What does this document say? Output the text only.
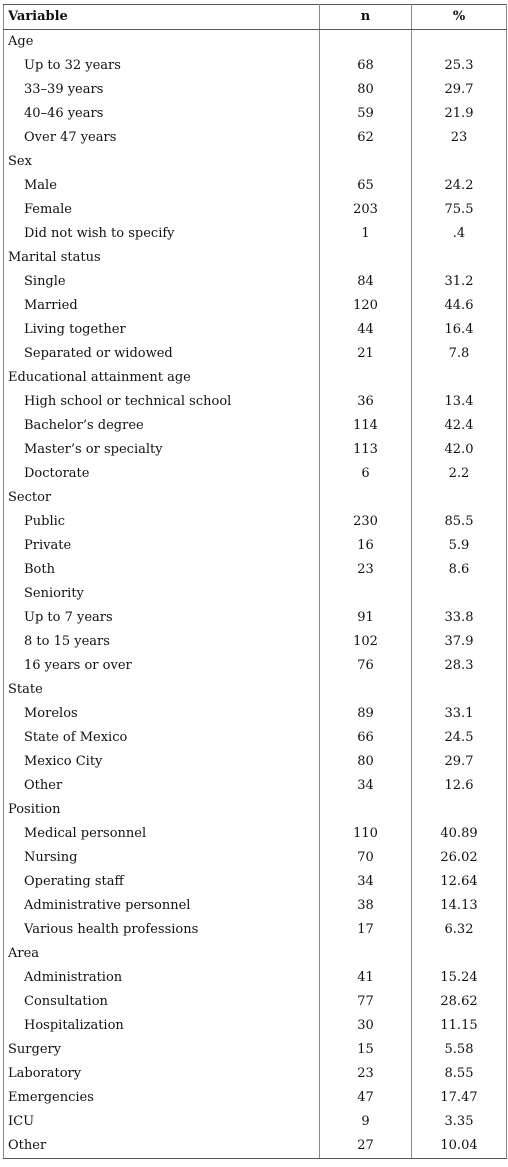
Variable	n	%
Age		
Up to 32 years	68	25.3
33–39 years	80	29.7
40–46 years	59	21.9
Over 47 years	62	23
Sex		
Male	65	24.2
Female	203	75.5
Did not wish to specify	1	.4
Marital status		
Single	84	31.2
Married	120	44.6
Living together	44	16.4
Separated or widowed	21	7.8
Educational attainment age		
High school or technical school	36	13.4
Bachelor’s degree	114	42.4
Master’s or specialty	113	42.0
Doctorate	6	2.2
Sector		
Public	230	85.5
Private	16	5.9
Both	23	8.6
Seniority		
Up to 7 years	91	33.8
8 to 15 years	102	37.9
16 years or over	76	28.3
State		
Morelos	89	33.1
State of Mexico	66	24.5
Mexico City	80	29.7
Other	34	12.6
Position		
Medical personnel	110	40.89
Nursing	70	26.02
Operating staff	34	12.64
Administrative personnel	38	14.13
Various health professions	17	6.32
Area		
Administration	41	15.24
Consultation	77	28.62
Hospitalization	30	11.15
Surgery	15	5.58
Laboratory	23	8.55
Emergencies	47	17.47
ICU	9	3.35
Other	27	10.04
